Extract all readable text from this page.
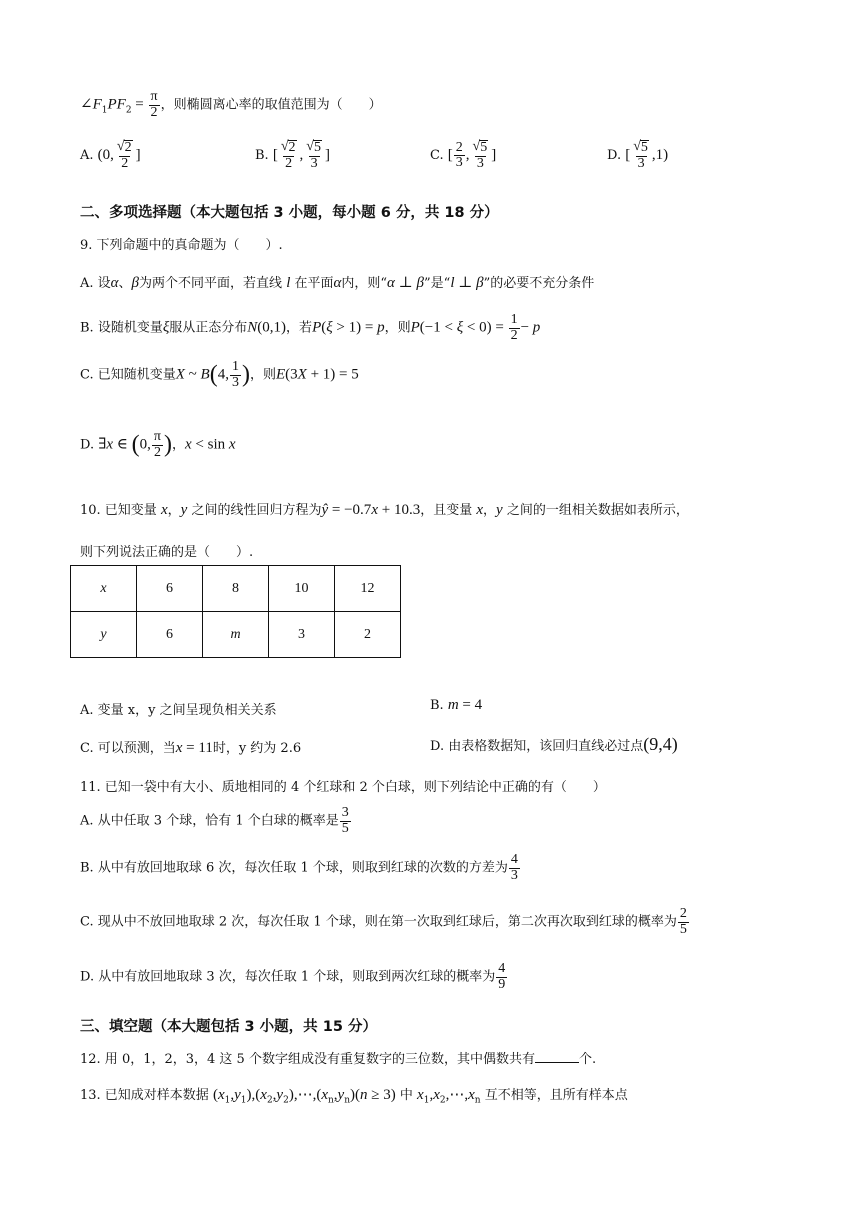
$\angle F_1PF_2 = \frac{\pi}{2}$ ，则椭圆离心率的取值范围为（　　）
A. (0, $\frac{√ 2}{2}$ ]	B. [ $\frac{√ 2}{2}$ , $\frac{√ 5}{3}$ ]	C. [ $\frac{2}{3}$ , $\frac{√ 5}{3}$ ]	D. [ $\frac{√ 5}{3} ,1$)
二、多项选择题（本大题包括 3 小题，每小题 6 分，共 18 分）
9. 下列命题中的真命题为（　　）.
A. 设α、β为两个不同平面，若直线 l 在平面α内，则“α ⊥ β”是“l ⊥ β”的必要不充分条件
B. 设随机变量ξ服从正态分布N(0,1)，若P(ξ > 1) = p，则$P(-1 < \xi < 0) = \frac{1}{2} - p$
C. 已知随机变量X ~ B(4, $\frac{1}{3}$ )，则E(3X + 1) = 5
D. ∃x ∈ (0, $\frac{\pi}{2}$ )，x < sin x
10. 已知变量 x，y 之间的线性回归方程为ŷ = −0.7x + 10.3，且变量 x，y 之间的一组相关数据如表所示，
则下列说法正确的是（　　）.
x	6	8	10	12
y	6	m	3	2
A. 变量 x，y 之间呈现负相关关系	B. m = 4
C. 可以预测，当x = 11时，y 约为 2.6	D. 由表格数据知，该回归直线必过点(9,4)
11. 已知一袋中有大小、质地相同的 4 个红球和 2 个白球，则下列结论中正确的有（　　）
A. 从中任取 3 个球，恰有 1 个白球的概率是 $\frac{3}{5}$
B. 从中有放回地取球 6 次，每次任取 1 个球，则取到红球的次数的方差为 $\frac{4}{3}$
C. 现从中不放回地取球 2 次，每次任取 1 个球，则在第一次取到红球后，第二次再次取到红球的概率为 $\frac{2}{5}$
D. 从中有放回地取球 3 次，每次任取 1 个球，则取到两次红球的概率为 $\frac{4}{9}$
三、填空题（本大题包括 3 小题，共 15 分）
12. 用 0，1，2，3，4 这 5 个数字组成没有重复数字的三位数，其中偶数共有	个.
13. 已知成对样本数据 $(x_1,y_1),(x_2,y_2),\cdots,(x_n,y_n)(n \ge 3)$ 中 $x_1,x_2,\cdots,x_n$ 互不相等，且所有样本点
